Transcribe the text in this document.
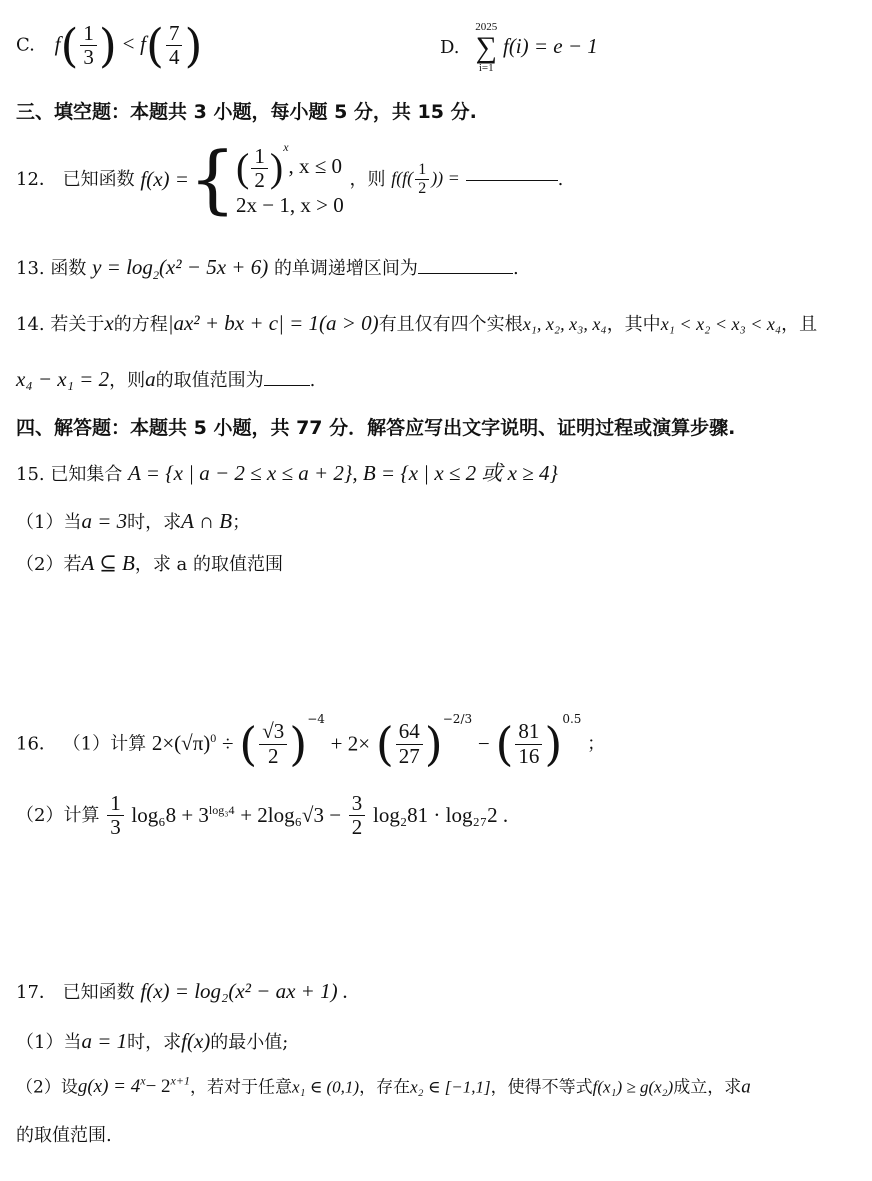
C. $f( \frac{1}{3}$ ) < $f( \frac{7}{4}$ )	D.
2025
∑
i=1
f(i) = e − 1
三、填空题：本题共 3 小题，每小题 5 分，共 15 分.
12． 已知函数 f(x) ={ ( $\frac{1}{2} )^x$, x ≤ 0
2x − 1, x > 0
，则 $f(f( \frac{1}{2}$ )) =	.
13. 函数 $y = \log_2(x^2 - 5x + 6)$ 的单调递增区间为	.
14. 若关于x的方程|ax² + bx + c| = 1(a > 0)有且仅有四个实根x₁, x₂, x₃, x₄，其中x₁ < x₂ < x₃ < x₄，且
x₄ − x₁ = 2，则a的取值范围为	.
四、解答题：本题共 5 小题，共 77 分．解答应写出文字说明、证明过程或演算步骤.
15. 已知集合 A = {x | a − 2 ≤ x ≤ a + 2}, B = {x | x ≤ 2 或 x ≥ 4}
（1）当a = 3时，求A ∩ B；
（2）若A ⊆ B，求 a 的取值范围
16． （1）计算 $2\times(√\pi)^0$ ÷ ( $\frac{√3}{2} )^{-4} + 2\times$ ( $\frac{64}{27} )^{-2/3}$ − ( $\frac{81}{16} )^{0.5}$ ；
（2）计算 $\frac{1}{3} \log_68 + 3^{log_34} + 2\log_6√3 - \frac{3}{2} \log_281 \cdot \log_{27}2$ .
17． 已知函数 f(x) = log₂(x² − ax + 1) .
（1）当a = 1时，求f(x)的最小值;
（2）设$g(x) = 4^x- 2^{x+1}$，若对于任意x₁ ∈ (0,1)，存在x₂ ∈ [−1,1]，使得不等式f(x₁) ≥ g(x₂)成立，求a
的取值范围.
